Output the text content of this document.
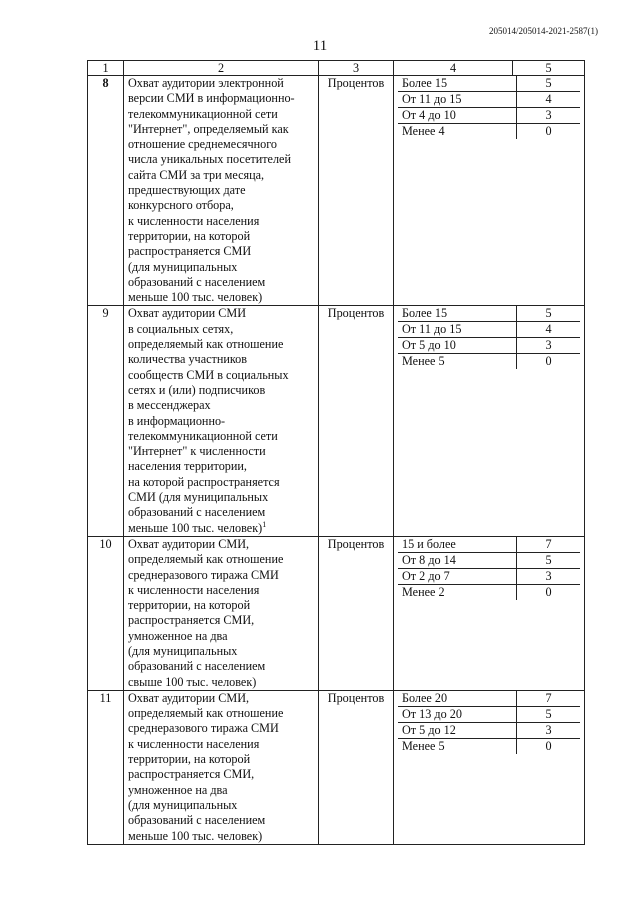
205014/205014-2021-2587(1)
11
1	2	3	4	5
8	Охват аудитории электронной
версии СМИ в информационно-
телекоммуникационной сети
"Интернет", определяемый как
отношение среднемесячного
числа уникальных посетителей
сайта СМИ за три месяца,
предшествующих дате
конкурсного отбора,
к численности населения
территории, на которой
распространяется СМИ
(для муниципальных
образований с населением
меньше 100 тыс. человек)
	Процентов	Более 15	5
От 11 до 15	4
От 4 до 10	3
Менее 4	0

9	Охват аудитории СМИ
в социальных сетях,
определяемый как отношение
количества участников
сообществ СМИ в социальных
сетях и (или) подписчиков
в мессенджерах
в информационно-
телекоммуникационной сети
"Интернет" к численности
населения территории,
на которой распространяется
СМИ (для муниципальных
образований с населением
меньше 100 тыс. человек)$^1$
	Процентов	Более 15	5
От 11 до 15	4
От 5 до 10	3
Менее 5	0

10	Охват аудитории СМИ,
определяемый как отношение
среднеразового тиража СМИ
к численности населения
территории, на которой
распространяется СМИ,
умноженное на два
(для муниципальных
образований с населением
свыше 100 тыс. человек)
	Процентов	15 и более	7
От 8 до 14	5
От 2 до 7	3
Менее 2	0

11	Охват аудитории СМИ,
определяемый как отношение
среднеразового тиража СМИ
к численности населения
территории, на которой
распространяется СМИ,
умноженное на два
(для муниципальных
образований с населением
меньше 100 тыс. человек)
	Процентов	Более 20	7
От 13 до 20	5
От 5 до 12	3
Менее 5	0
